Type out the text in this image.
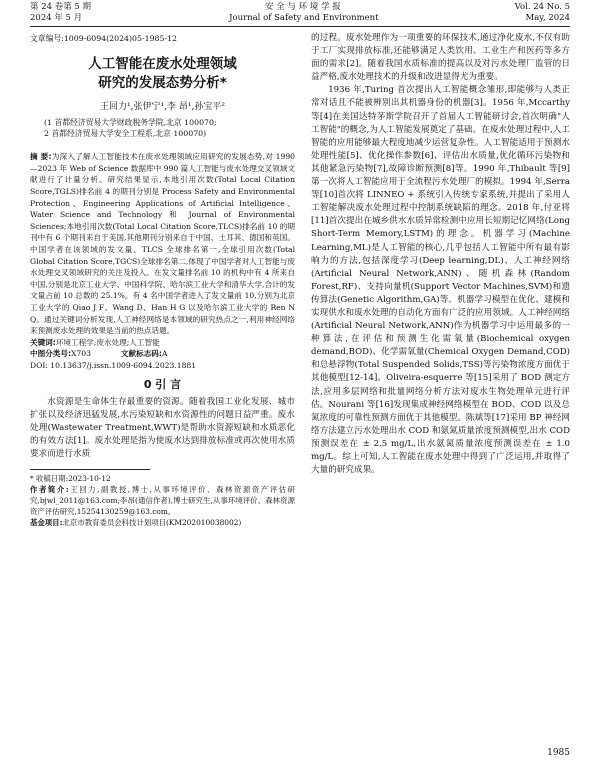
第 24 卷第 5 期	安 全 与 环 境 学 报	Vol. 24 No. 5
2024 年 5 月	Journal of Safety and Environment	May, 2024
文章编号:1009-6094(2024)05-1985-12
人工智能在废水处理领域
研究的发展态势分析*
王回力¹,张伊宁¹,李 昂¹,孙宝平²
(1 首都经济贸易大学财政税务学院,北京 100070;
2 首都经济贸易大学安全工程系,北京 100070)
摘 要:为深入了解人工智能技术在废水处理领域应用研究的发展态势,对 1990—2023 年 Web of Science 数据库中 990 篇人工智能与废水处理交叉领域文献进行了计量分析。研究结果显示,本地引用次数(Total Local Citation Score,TGLS)排名前 4 的期刊分别是 Process Safety and Environmental Protection、Engineering Applications of Artificial Intelligence、Water Science and Technology 和 Journal of Environmental Sciences;本地引用次数(Total Local Citation Score,TLCS)排名前 10 的期刊中有 6 个期刊来自于美国,其他期刊分别来自于中国、土耳其、德国和英国。中国学者在该领域的发文量、TLCS 全球排名第一,全球引用次数(Total Global Citation Score,TGCS)全球排名第二,体现了中国学者对人工智能与废水处理交叉领域研究的关注及投入。在发文量排名前 10 的机构中有 4 所来自中国,分别是北京工业大学、中国科学院、哈尔滨工业大学和清华大学,合计的发文量占前 10 总数的 25.1%。有 4 名中国学者进入了发文量前 10,分别为北京工业大学的 Qiao J F、Wang D、Han H G 以及哈尔滨工业大学的 Ren N Q。通过关键词分析发现,人工神经网络是本领域的研究热点之一,利用神经网络来预测废水处理的效果是当前的热点话题。
关键词:环境工程学;废水处理;人工智能
中图分类号:X703	文献标志码:A
DOI: 10.13637/j.issn.1009-6094.2023.1881
0 引 言

水资源是生命体生存最重要的资源。随着我国工业化发展、城市扩张以及经济迅猛发展,水污染短缺和水资源性的问题日益严重。废水处理(Wastewater Treatment,WWT)是帮助水资源短缺和水质恶化的有效方法[1]。废水处理是指为使废水达到排放标准或再次使用水质要求而进行水质

* 收稿日期:2023-10-12
作者简介:王回力,副教授,博士,从事环境评价、森林资源资产评估研究,bjwl_2011@163.com;李昂(通信作者),博士研究生,从事环境评价、森林资源资产评估研究,15254130259@163.com。
基金项目:北京市教育委员会科技计划项目(KM202010038002)

的过程。废水处理作为一项重要的环保技术,通过净化废水,不仅有助于工厂实现排放标准,还能够满足人类饮用、工业生产和医药等多方面的需求[2]。随着我国水质标准的提高以及对污水处理厂监管的日益严格,废水处理技术的升级和改进显得尤为重要。

1936 年,Turing 首次提出人工智能概念雏形,即能够与人类正常对话且不能被辨别出其机器身份的机器[3]。1956 年,Mccarthy 等[4]在美国达特茅斯学院召开了首届人工智能研讨会,首次明确"人工智能"的概念,为人工智能发展奠定了基础。在废水处理过程中,人工智能的应用能够最大程度地减少运营复杂性。人工智能适用于预测水处理性能[5]、优化操作参数[6]、评估出水质量,优化循环污染物和其他紧急污染物[7],故障诊断预测[8]等。1990 年,Thibault 等[9]第一次将人工智能应用于全流程污水处理厂的模拟。1994 年,Serra 等[10]首次将 LINNEO + 系统引入传统专家系统,并提出了采用人工智能解决废水处理过程中控制系统缺陷的理念。2018 年,付亚将[11]首次提出在城乡供水水质异常检测中应用长短期记忆网络(Long Short-Term Memory,LSTM)的理念。机器学习(Machine Learning,ML)是人工智能的核心,几乎包括人工智能中所有最有影响力的方法,包括深度学习(Deep learning,DL)、人工神经网络(Artificial Neural Network,ANN)、随机森林(Random Forest,RF)、支持向量机(Support Vector Machines,SVM)和遗传算法(Genetic Algorithm,GA)等。机器学习模型在优化、建模和实现供水和废水处理的自动化方面有广泛的应用领域。人工神经网络(Artificial Neural Network,ANN)作为机器学习中运用最多的一种算法,在评估和预测生化需氧量(Biochemical oxygen demand,BOD)、化学需氧量(Chemical Oxygen Demand,COD)和总悬浮物(Total Suspended Solids,TSS)等污染物浓度方面优于其他模型[12-14]。Oliveira-esquerre 等[15]采用了 BOD 测定方法,应用多层网络和批量网络分析方法对废水生物处理单元进行评估。Nourani 等[16]发现集成神经网络模型在 BOD、COD 以及总氮浓度的可靠性预测方面优于其他模型。陈斌等[17]采用 BP 神经网络方法建立污水处理出水 COD 和氨氮质量浓度预测模型,出水 COD 预测误差在 ± 2.5 mg/L,出水氨氮质量浓度预测误差在 ± 1.0 mg/L。综上可知,人工智能在废水处理中得到了广泛运用,并取得了大量的研究成果。

1985
